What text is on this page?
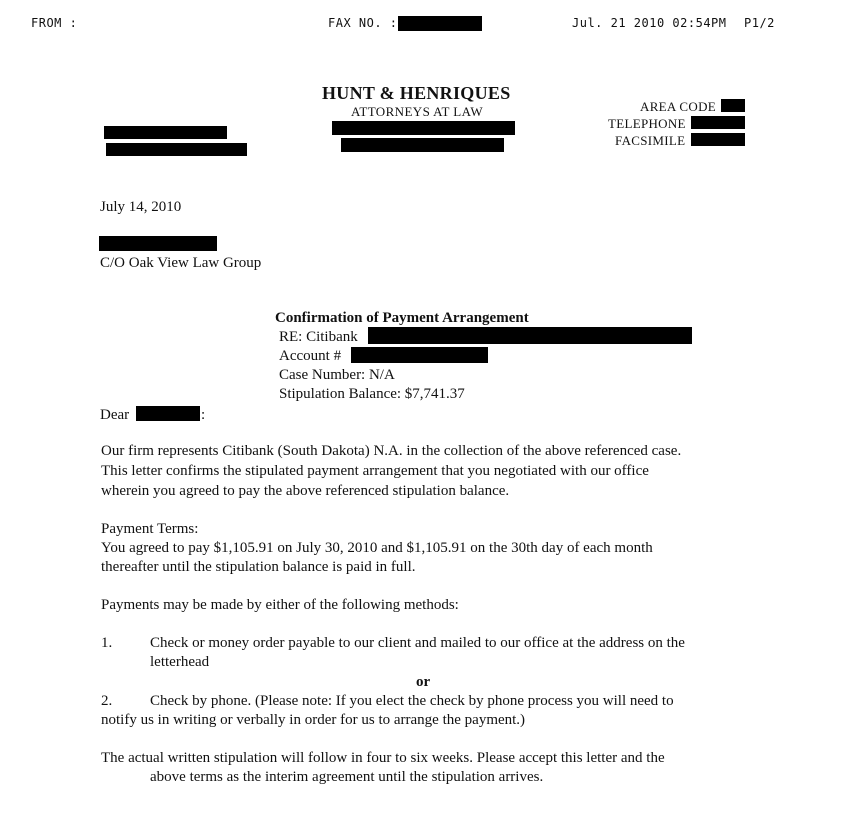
FROM :	FAX NO. :	Jul. 21 2010 02:54PM P1/2
HUNT & HENRIQUES
ATTORNEYS AT LAW	AREA CODE
TELEPHONE
FACSIMILE
July 14, 2010
C/O Oak View Law Group
Confirmation of Payment Arrangement
RE: Citibank
Account #
Case Number: N/A
Stipulation Balance: $7,741.37
Dear	:
Our firm represents Citibank (South Dakota) N.A. in the collection of the above referenced case.
This letter confirms the stipulated payment arrangement that you negotiated with our office
wherein you agreed to pay the above referenced stipulation balance.
Payment Terms:
You agreed to pay $1,105.91 on July 30, 2010 and $1,105.91 on the 30th day of each month
thereafter until the stipulation balance is paid in full.
Payments may be made by either of the following methods:
1.	Check or money order payable to our client and mailed to our office at the address on the
letterhead
or
2.	Check by phone. (Please note: If you elect the check by phone process you will need to
notify us in writing or verbally in order for us to arrange the payment.)
The actual written stipulation will follow in four to six weeks. Please accept this letter and the
above terms as the interim agreement until the stipulation arrives.
